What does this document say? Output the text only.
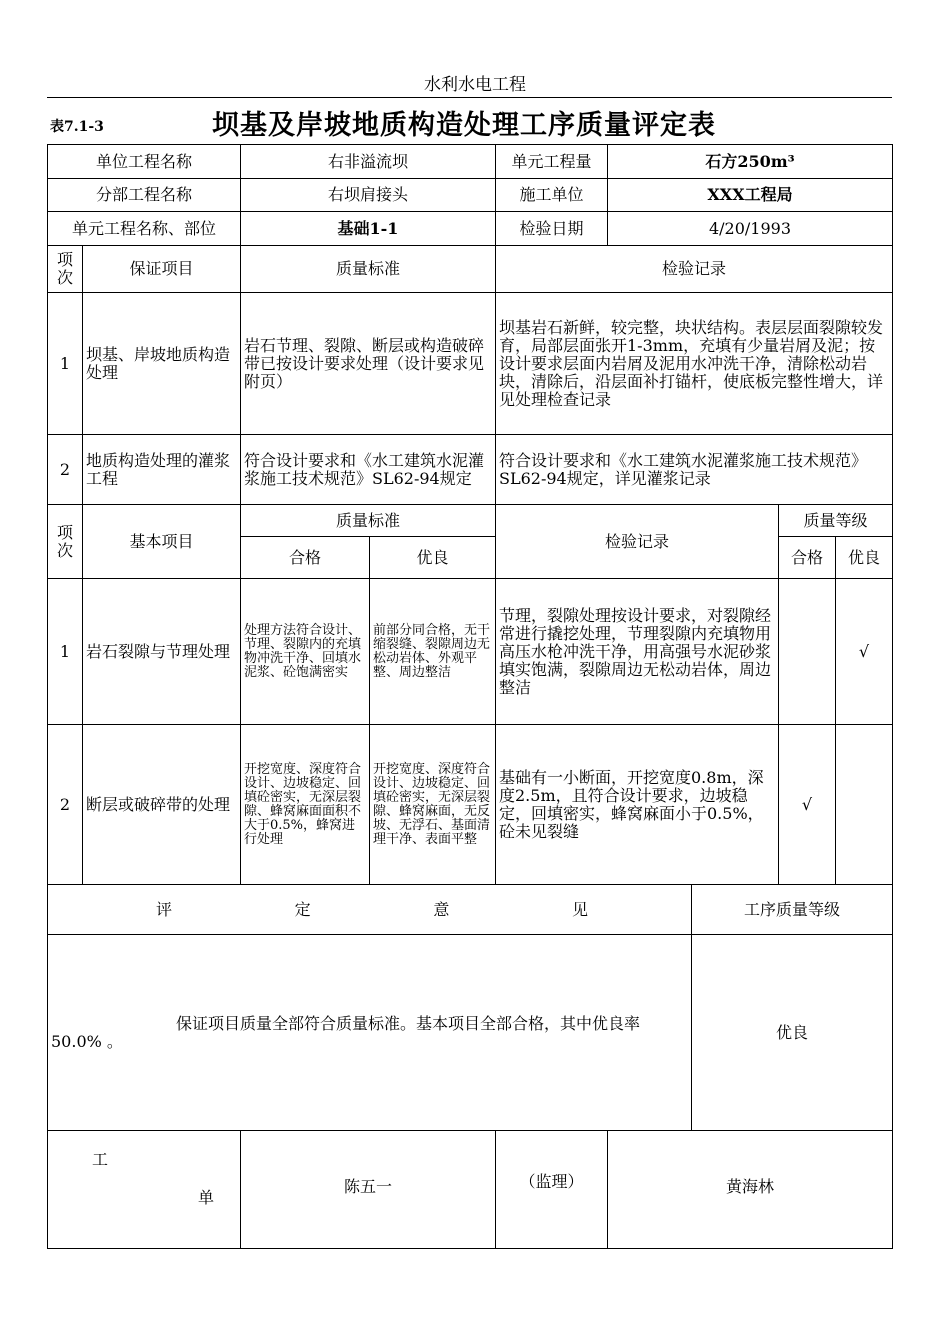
水利水电工程
表7.1-3	坝基及岸坡地质构造处理工序质量评定表
单位工程名称		右非溢流坝		单元工程量	石方250m³			
分部工程名称		右坝肩接头		施工单位	XXX工程局			
单元工程名称、部位		基础1-1		检验日期	4/20/1993			
项次	保证项目	质量标准		检验记录				
1	坝基、岸坡地质构造处理	岩石节理、裂隙、断层或构造破碎带已按设计要求处理（设计要求见附页）		坝基岩石新鲜，较完整，块状结构。表层层面裂隙较发育，局部层面张开1-3mm，充填有少量岩屑及泥；按设计要求层面内岩屑及泥用水冲洗干净，清除松动岩块，清除后，沿层面补打锚杆，使底板完整性增大，详见处理检查记录				
2	地质构造处理的灌浆工程	符合设计要求和《水工建筑水泥灌浆施工技术规范》SL62-94规定		符合设计要求和《水工建筑水泥灌浆施工技术规范》SL62-94规定，详见灌浆记录				
项次	基本项目	质量标准		检验记录			质量等级	
		合格	优良				合格	优良
1	岩石裂隙与节理处理	处理方法符合设计、节理、裂隙内的充填物冲洗干净、回填水泥浆、砼饱满密实	前部分同合格，无干缩裂缝、裂隙周边无松动岩体、外观平整、周边整洁	节理，裂隙处理按设计要求，对裂隙经常进行撬挖处理，节理裂隙内充填物用高压水枪冲洗干净，用高强号水泥砂浆填实饱满，裂隙周边无松动岩体，周边整洁				√
2	断层或破碎带的处理	开挖宽度、深度符合设计、边坡稳定、回填砼密实，无深层裂隙、蜂窝麻面面积不大于0.5%，蜂窝进行处理	开挖宽度、深度符合设计、边坡稳定、回填砼密实，无深层裂隙、蜂窝麻面，无反坡、无浮石、基面清理干净、表面平整	基础有一小断面，开挖宽度0.8m，深度2.5m，且符合设计要求，边坡稳定，回填密实，蜂窝麻面小于0.5%，砼未见裂缝			√	

评 定 意 见						工序质量等级		
保证项目质量全部符合质量标准。基本项目全部合格，其中优良率50.0% 。						优良		

工
单		陈五一		（监理）	黄海林			
